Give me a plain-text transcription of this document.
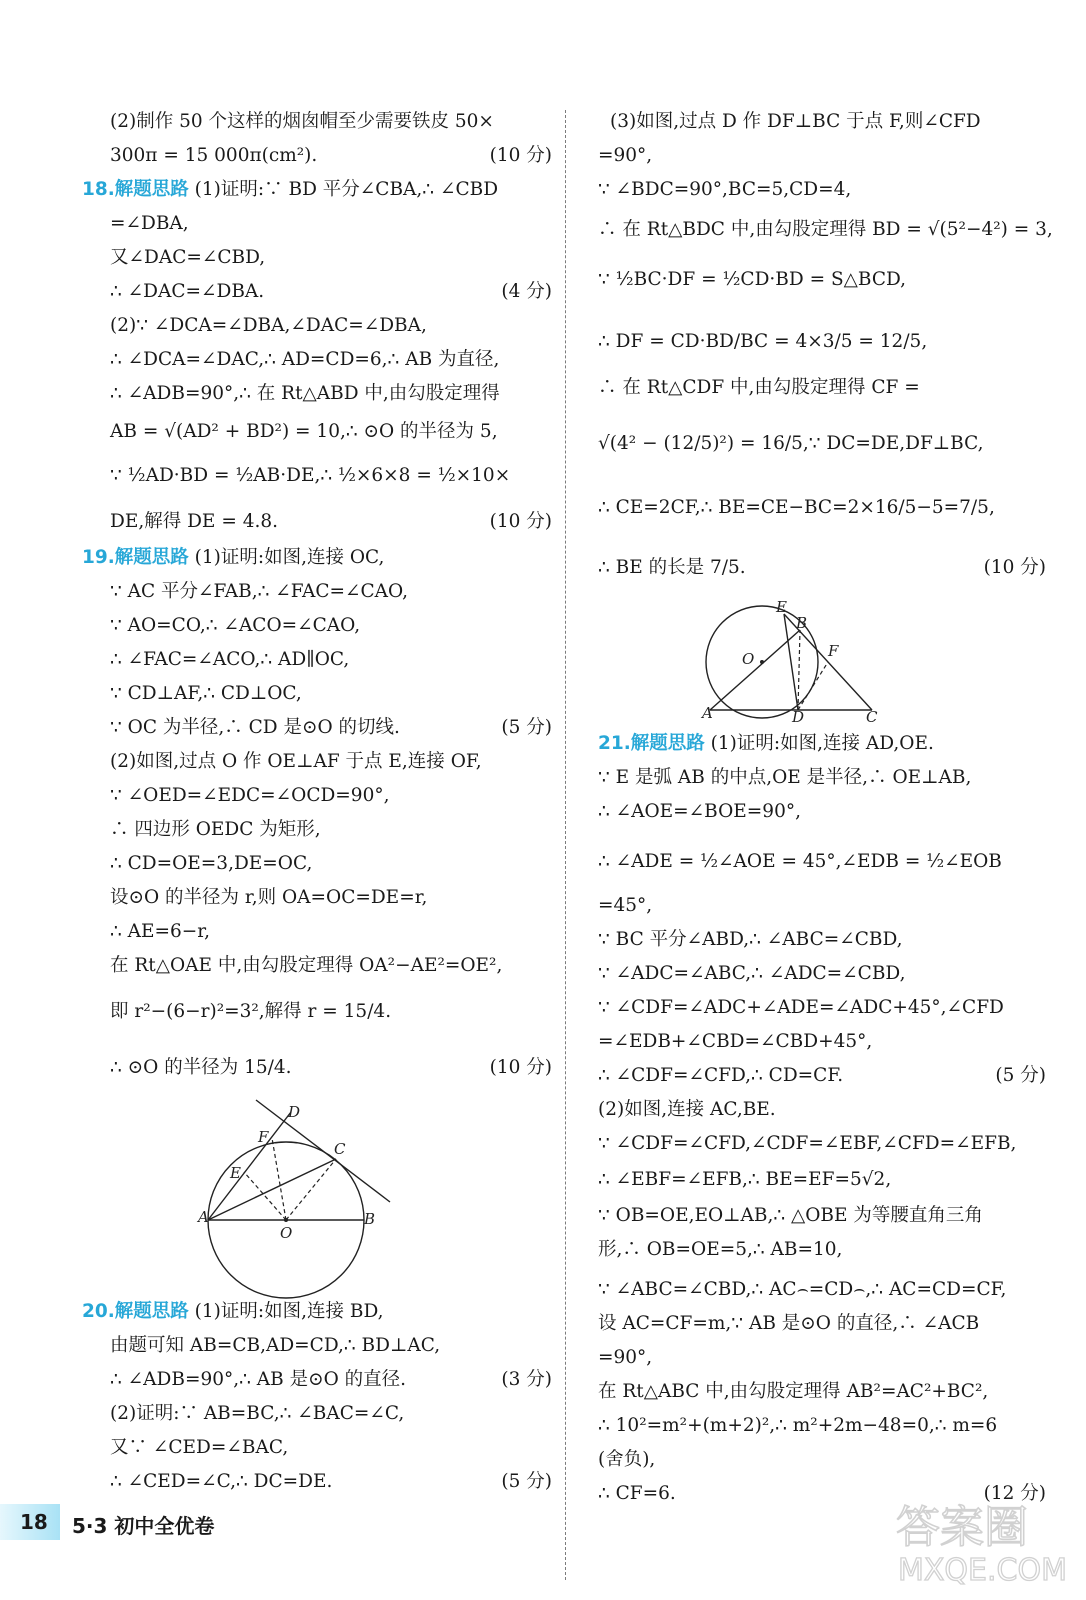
(2)制作 50 个这样的烟囱帽至少需要铁皮 50×
300π = 15 000π(cm²).	(10 分)
18.解题思路 (1)证明:∵ BD 平分∠CBA,∴ ∠CBD
=∠DBA,
又∠DAC=∠CBD,
∴ ∠DAC=∠DBA.	(4 分)
(2)∵ ∠DCA=∠DBA,∠DAC=∠DBA,
∴ ∠DCA=∠DAC,∴ AD=CD=6,∴ AB 为直径,
∴ ∠ADB=90°,∴ 在 Rt△ABD 中,由勾股定理得
AB = √(AD² + BD²) = 10,∴ ⊙O 的半径为 5,
∵ ½AD·BD = ½AB·DE,∴ ½×6×8 = ½×10×
DE,解得 DE = 4.8.	(10 分)
19.解题思路 (1)证明:如图,连接 OC,
∵ AC 平分∠FAB,∴ ∠FAC=∠CAO,
∵ AO=CO,∴ ∠ACO=∠CAO,
∴ ∠FAC=∠ACO,∴ AD∥OC,
∵ CD⊥AF,∴ CD⊥OC,
∵ OC 为半径,∴ CD 是⊙O 的切线.	(5 分)
(2)如图,过点 O 作 OE⊥AF 于点 E,连接 OF,
∵ ∠OED=∠EDC=∠OCD=90°,
∴ 四边形 OEDC 为矩形,
∴ CD=OE=3,DE=OC,
设⊙O 的半径为 r,则 OA=OC=DE=r,
∴ AE=6−r,
在 Rt△OAE 中,由勾股定理得 OA²−AE²=OE²,
即 r²−(6−r)²=3²,解得 r = 15/4.
∴ ⊙O 的半径为 15/4.	(10 分)
20.解题思路 (1)证明:如图,连接 BD,
由题可知 AB=CB,AD=CD,∴ BD⊥AC,
∴ ∠ADB=90°,∴ AB 是⊙O 的直径.	(3 分)
(2)证明:∵ AB=BC,∴ ∠BAC=∠C,
又∵ ∠CED=∠BAC,
∴ ∠CED=∠C,∴ DC=DE.	(5 分)
(3)如图,过点 D 作 DF⊥BC 于点 F,则∠CFD
=90°,
∵ ∠BDC=90°,BC=5,CD=4,
∴ 在 Rt△BDC 中,由勾股定理得 BD = √(5²−4²) = 3,
∵ ½BC·DF = ½CD·BD = S△BCD,
∴ DF = CD·BD/BC = 4×3/5 = 12/5,
∴ 在 Rt△CDF 中,由勾股定理得 CF =
√(4² − (12/5)²) = 16/5,∵ DC=DE,DF⊥BC,
∴ CE=2CF,∴ BE=CE−BC=2×16/5−5=7/5,
∴ BE 的长是 7/5.	(10 分)
21.解题思路 (1)证明:如图,连接 AD,OE.
∵ E 是弧 AB 的中点,OE 是半径,∴ OE⊥AB,
∴ ∠AOE=∠BOE=90°,
∴ ∠ADE = ½∠AOE = 45°,∠EDB = ½∠EOB
=45°,
∵ BC 平分∠ABD,∴ ∠ABC=∠CBD,
∵ ∠ADC=∠ABC,∴ ∠ADC=∠CBD,
∵ ∠CDF=∠ADC+∠ADE=∠ADC+45°,∠CFD
=∠EDB+∠CBD=∠CBD+45°,
∴ ∠CDF=∠CFD,∴ CD=CF.	(5 分)
(2)如图,连接 AC,BE.
∵ ∠CDF=∠CFD,∠CDF=∠EBF,∠CFD=∠EFB,
∴ ∠EBF=∠EFB,∴ BE=EF=5√2,
∵ OB=OE,EO⊥AB,∴ △OBE 为等腰直角三角
形,∴ OB=OE=5,∴ AB=10,
∵ ∠ABC=∠CBD,∴ AC⌢=CD⌢,∴ AC=CD=CF,
设 AC=CF=m,∵ AB 是⊙O 的直径,∴ ∠ACB
=90°,
在 Rt△ABC 中,由勾股定理得 AB²=AC²+BC²,
∴ 10²=m²+(m+2)²,∴ m²+2m−48=0,∴ m=6
(舍负),
∴ CF=6.	(12 分)
D
F
C
E
A
O
B
E
B
F
O
A	D	C
18 5·3 初中全优卷	答案圈
MXQE.COM
